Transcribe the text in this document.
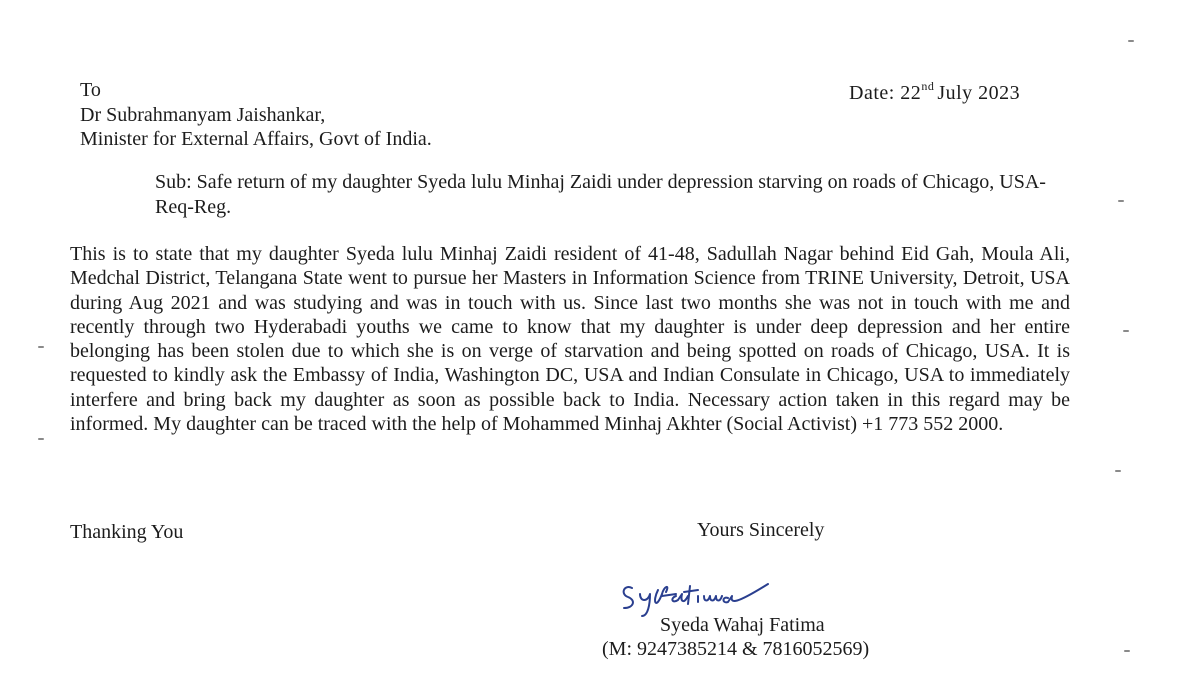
To
Dr Subrahmanyam Jaishankar,
Minister for External Affairs, Govt of India.
Date: 22nd July 2023
Sub: Safe return of my daughter Syeda lulu Minhaj Zaidi under depression starving on roads of Chicago, USA-Req-Reg.
This is to state that my daughter Syeda lulu Minhaj Zaidi resident of 41-48, Sadullah Nagar behind Eid Gah, Moula Ali, Medchal District, Telangana State went to pursue her Masters in Information Science from TRINE University, Detroit, USA during Aug 2021 and was studying and was in touch with us. Since last two months she was not in touch with me and recently through two Hyderabadi youths we came to know that my daughter is under deep depression and her entire belonging has been stolen due to which she is on verge of starvation and being spotted on roads of Chicago, USA. It is requested to kindly ask the Embassy of India, Washington DC, USA and Indian Consulate in Chicago, USA to immediately interfere and bring back my daughter as soon as possible back to India. Necessary action taken in this regard may be informed. My daughter can be traced with the help of Mohammed Minhaj Akhter (Social Activist) +1 773 552 2000.
Thanking You	Yours Sincerely
Syeda Wahaj Fatima
(M: 9247385214 & 7816052569)
